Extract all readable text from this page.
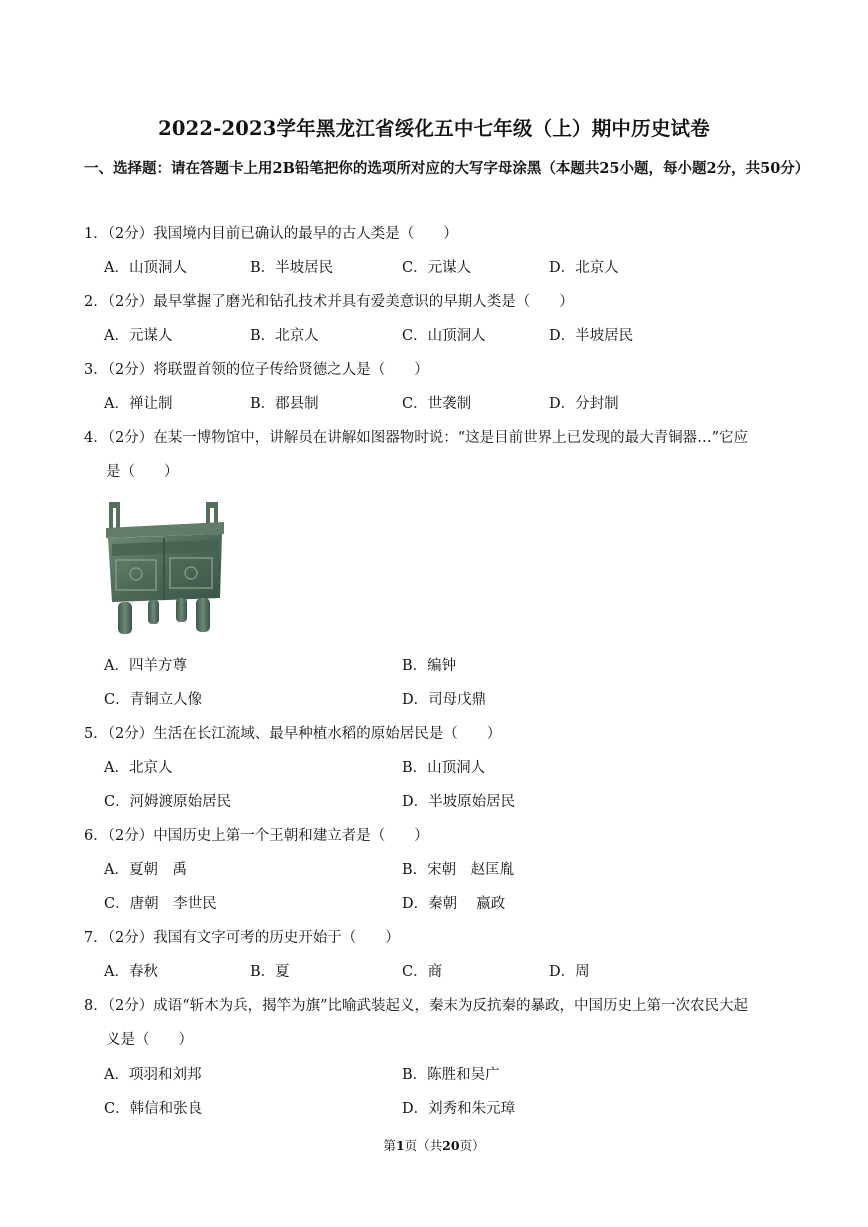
2022-2023学年黑龙江省绥化五中七年级（上）期中历史试卷
一、选择题：请在答题卡上用2B铅笔把你的选项所对应的大写字母涂黑（本题共25小题，每小题2分，共50分）
1．（2分）我国境内目前已确认的最早的古人类是（　　）
A．山顶洞人	B．半坡居民	C．元谋人	D．北京人
2．（2分）最早掌握了磨光和钻孔技术并具有爱美意识的早期人类是（　　）
A．元谋人	B．北京人	C．山顶洞人	D．半坡居民
3．（2分）将联盟首领的位子传给贤德之人是（　　）
A．禅让制	B．郡县制	C．世袭制	D．分封制
4．（2分）在某一博物馆中，讲解员在讲解如图器物时说：“这是目前世界上已发现的最大青铜器…”它应
是（　　）
A．四羊方尊	B．编钟
C．青铜立人像	D．司母戊鼎
5．（2分）生活在长江流域、最早种植水稻的原始居民是（　　）
A．北京人	B．山顶洞人
C．河姆渡原始居民	D．半坡原始居民
6．（2分）中国历史上第一个王朝和建立者是（　　）
A．夏朝　禹	B．宋朝　赵匡胤
C．唐朝　李世民	D．秦朝　 嬴政
7．（2分）我国有文字可考的历史开始于（　　）
A．春秋	B．夏	C．商	D．周
8．（2分）成语“斩木为兵，揭竿为旗”比喻武装起义，秦末为反抗秦的暴政，中国历史上第一次农民大起
义是（　　）
A．项羽和刘邦	B．陈胜和吴广
C．韩信和张良	D．刘秀和朱元璋
第1页（共20页）
